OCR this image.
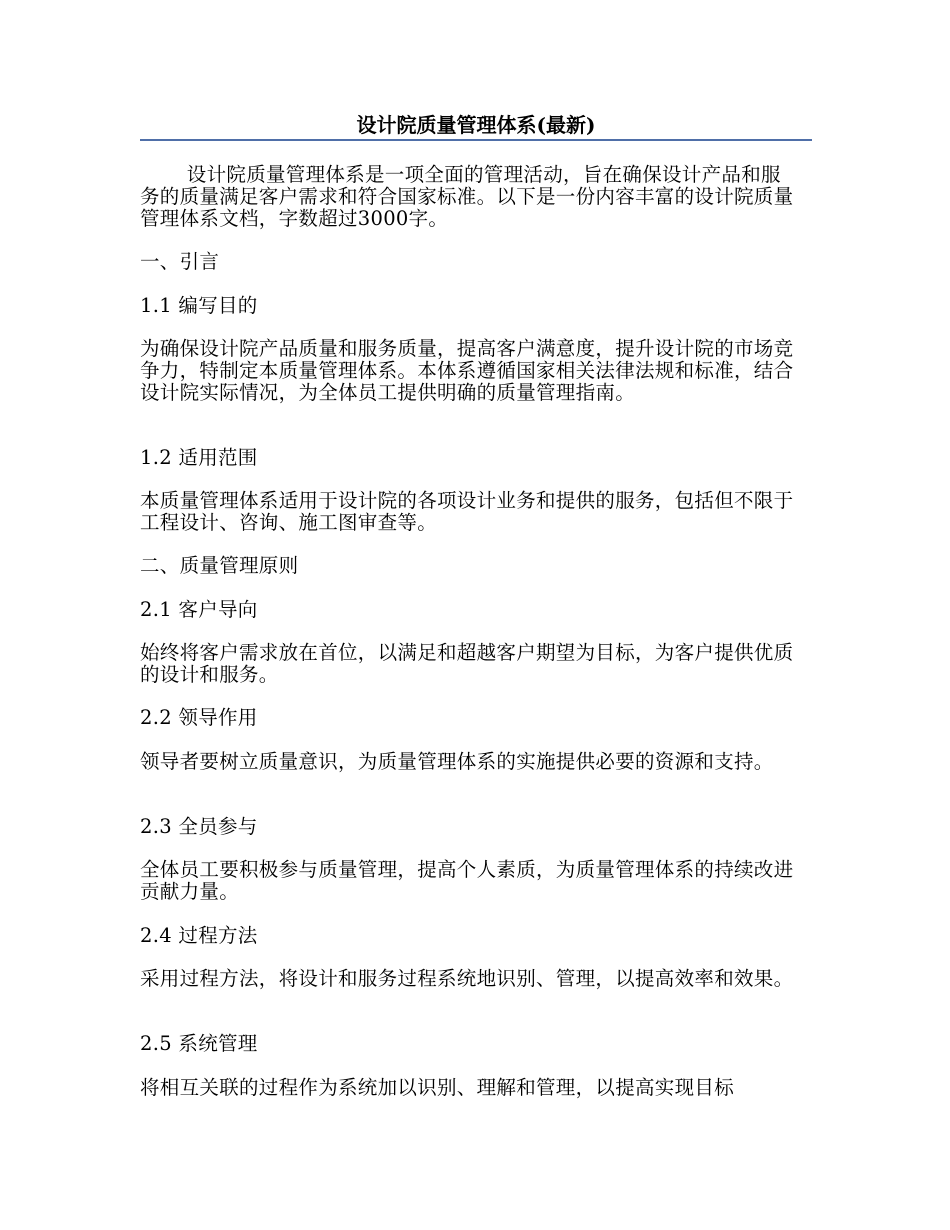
设计院质量管理体系(最新)

设计院质量管理体系是一项全面的管理活动，旨在确保设计产品和服务的质量满足客户需求和符合国家标准。以下是一份内容丰富的设计院质量管理体系文档，字数超过3000字。

一、引言

1.1 编写目的

为确保设计院产品质量和服务质量，提高客户满意度，提升设计院的市场竞争力，特制定本质量管理体系。本体系遵循国家相关法律法规和标准，结合设计院实际情况，为全体员工提供明确的质量管理指南。

1.2 适用范围

本质量管理体系适用于设计院的各项设计业务和提供的服务，包括但不限于工程设计、咨询、施工图审查等。

二、质量管理原则

2.1 客户导向

始终将客户需求放在首位，以满足和超越客户期望为目标，为客户提供优质的设计和服务。

2.2 领导作用

领导者要树立质量意识，为质量管理体系的实施提供必要的资源和支持。

2.3 全员参与

全体员工要积极参与质量管理，提高个人素质，为质量管理体系的持续改进贡献力量。

2.4 过程方法

采用过程方法，将设计和服务过程系统地识别、管理，以提高效率和效果。

2.5 系统管理

将相互关联的过程作为系统加以识别、理解和管理，以提高实现目标
